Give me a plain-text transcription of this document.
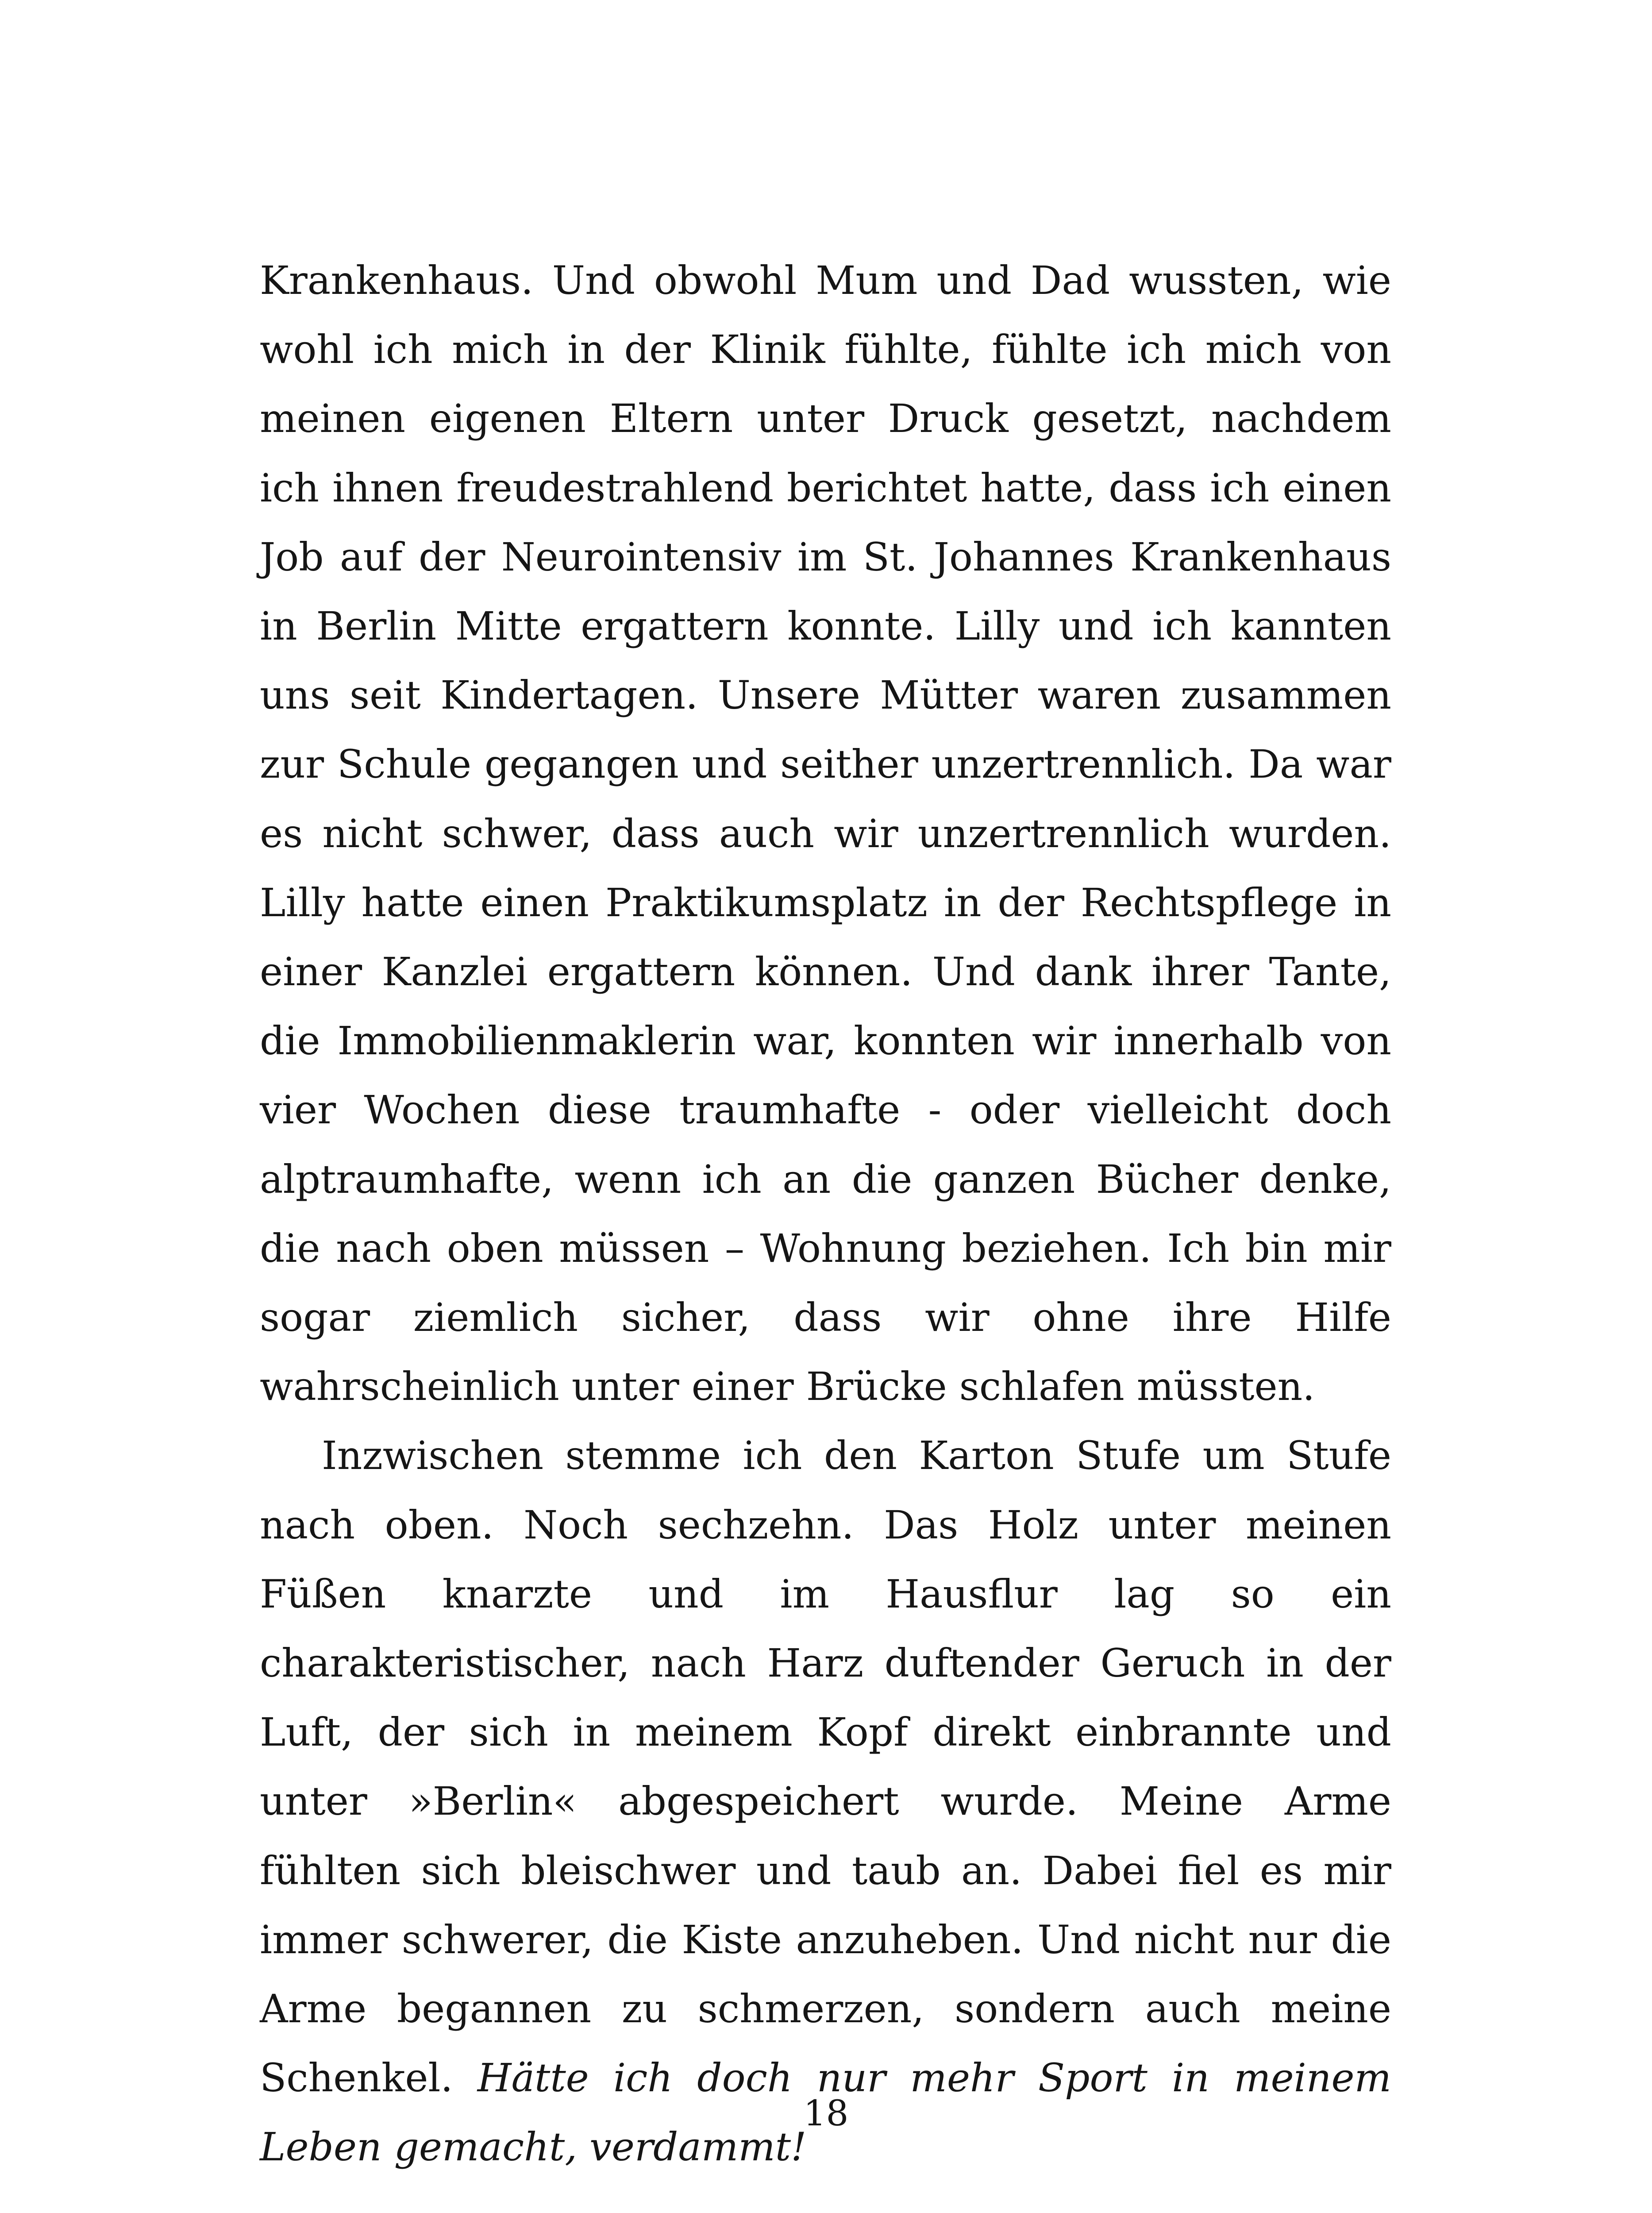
Krankenhaus. Und obwohl Mum und Dad wussten, wie wohl ich mich in der Klinik fühlte, fühlte ich mich von meinen eigenen Eltern unter Druck gesetzt, nachdem ich ihnen freudestrahlend berichtet hatte, dass ich einen Job auf der Neurointensiv im St. Johannes Krankenhaus in Berlin Mitte ergattern konnte. Lilly und ich kannten uns seit Kindertagen. Unsere Mütter waren zusammen zur Schule gegangen und seither unzertrennlich. Da war es nicht schwer, dass auch wir unzertrennlich wurden. Lilly hatte einen Praktikumsplatz in der Rechtspflege in einer Kanzlei ergattern können. Und dank ihrer Tante, die Immobilienmaklerin war, konnten wir innerhalb von vier Wochen diese traumhafte - oder vielleicht doch alptraumhafte, wenn ich an die ganzen Bücher denke, die nach oben müssen – Wohnung beziehen. Ich bin mir sogar ziemlich sicher, dass wir ohne ihre Hilfe wahrscheinlich unter einer Brücke schlafen müssten.

Inzwischen stemme ich den Karton Stufe um Stufe nach oben. Noch sechzehn. Das Holz unter meinen Füßen knarzte und im Hausflur lag so ein charakteristischer, nach Harz duftender Geruch in der Luft, der sich in meinem Kopf direkt einbrannte und unter »Berlin« abgespeichert wurde. Meine Arme fühlten sich bleischwer und taub an. Dabei fiel es mir immer schwerer, die Kiste anzuheben. Und nicht nur die Arme begannen zu schmerzen, sondern auch meine Schenkel. Hätte ich doch nur mehr Sport in meinem Leben gemacht, verdammt!

18
